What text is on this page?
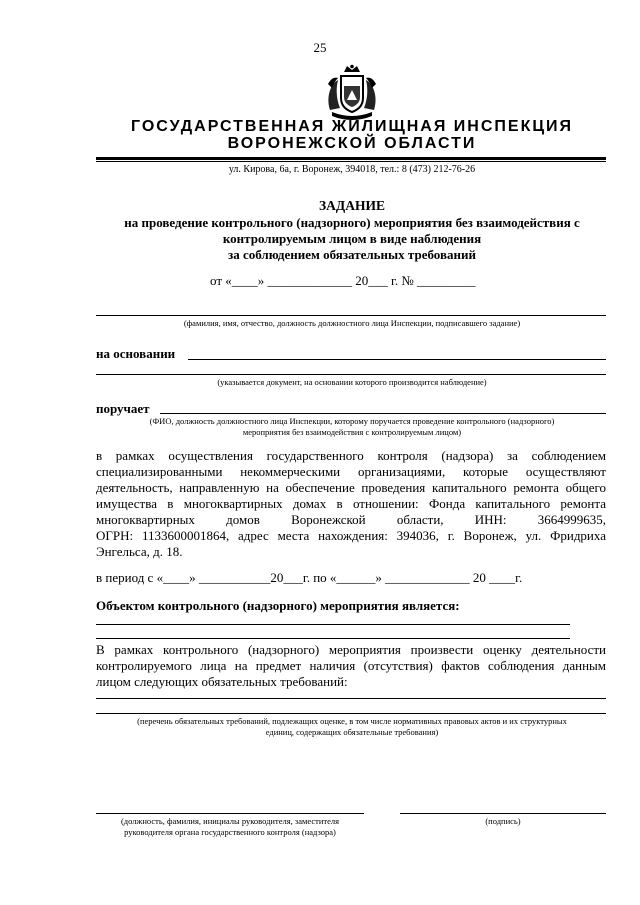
25
ГОСУДАРСТВЕННАЯ ЖИЛИЩНАЯ ИНСПЕКЦИЯ
ВОРОНЕЖСКОЙ ОБЛАСТИ
ул. Кирова, 6а, г. Воронеж, 394018, тел.: 8 (473) 212-76-26
ЗАДАНИЕ
на проведение контрольного (надзорного) мероприятия без взаимодействия с
контролируемым лицом в виде наблюдения
за соблюдением обязательных требований
от «____» _____________ 20___ г. № _________
(фамилия, имя, отчество, должность должностного лица Инспекции, подписавшего задание)
на основании
(указывается документ, на основании которого производится наблюдение)
поручает
(ФИО, должность должностного лица Инспекции, которому поручается проведение контрольного (надзорного)
мероприятия без взаимодействия с контролируемым лицом)
в рамках осуществления государственного контроля (надзора) за соблюдением
специализированными некоммерческими организациями, которые осуществляют
деятельность, направленную на обеспечение проведения капитального ремонта общего
имущества в многоквартирных домах в отношении: Фонда капитального ремонта
многоквартирных домов Воронежской области, ИНН: 3664999635,
ОГРН: 1133600001864, адрес места нахождения: 394036, г. Воронеж, ул. Фридриха
Энгельса, д. 18.
в период с «____» ___________20___г. по «______» _____________ 20 ____г.
Объектом контрольного (надзорного) мероприятия является:
В рамках контрольного (надзорного) мероприятия произвести оценку деятельности
контролируемого лица на предмет наличия (отсутствия) фактов соблюдения данным
лицом следующих обязательных требований:
(перечень обязательных требований, подлежащих оценке, в том числе нормативных правовых актов и их структурных
единиц, содержащих обязательные требования)
(должность, фамилия, инициалы руководителя, заместителя
руководителя органа государственного контроля (надзора)
(подпись)
